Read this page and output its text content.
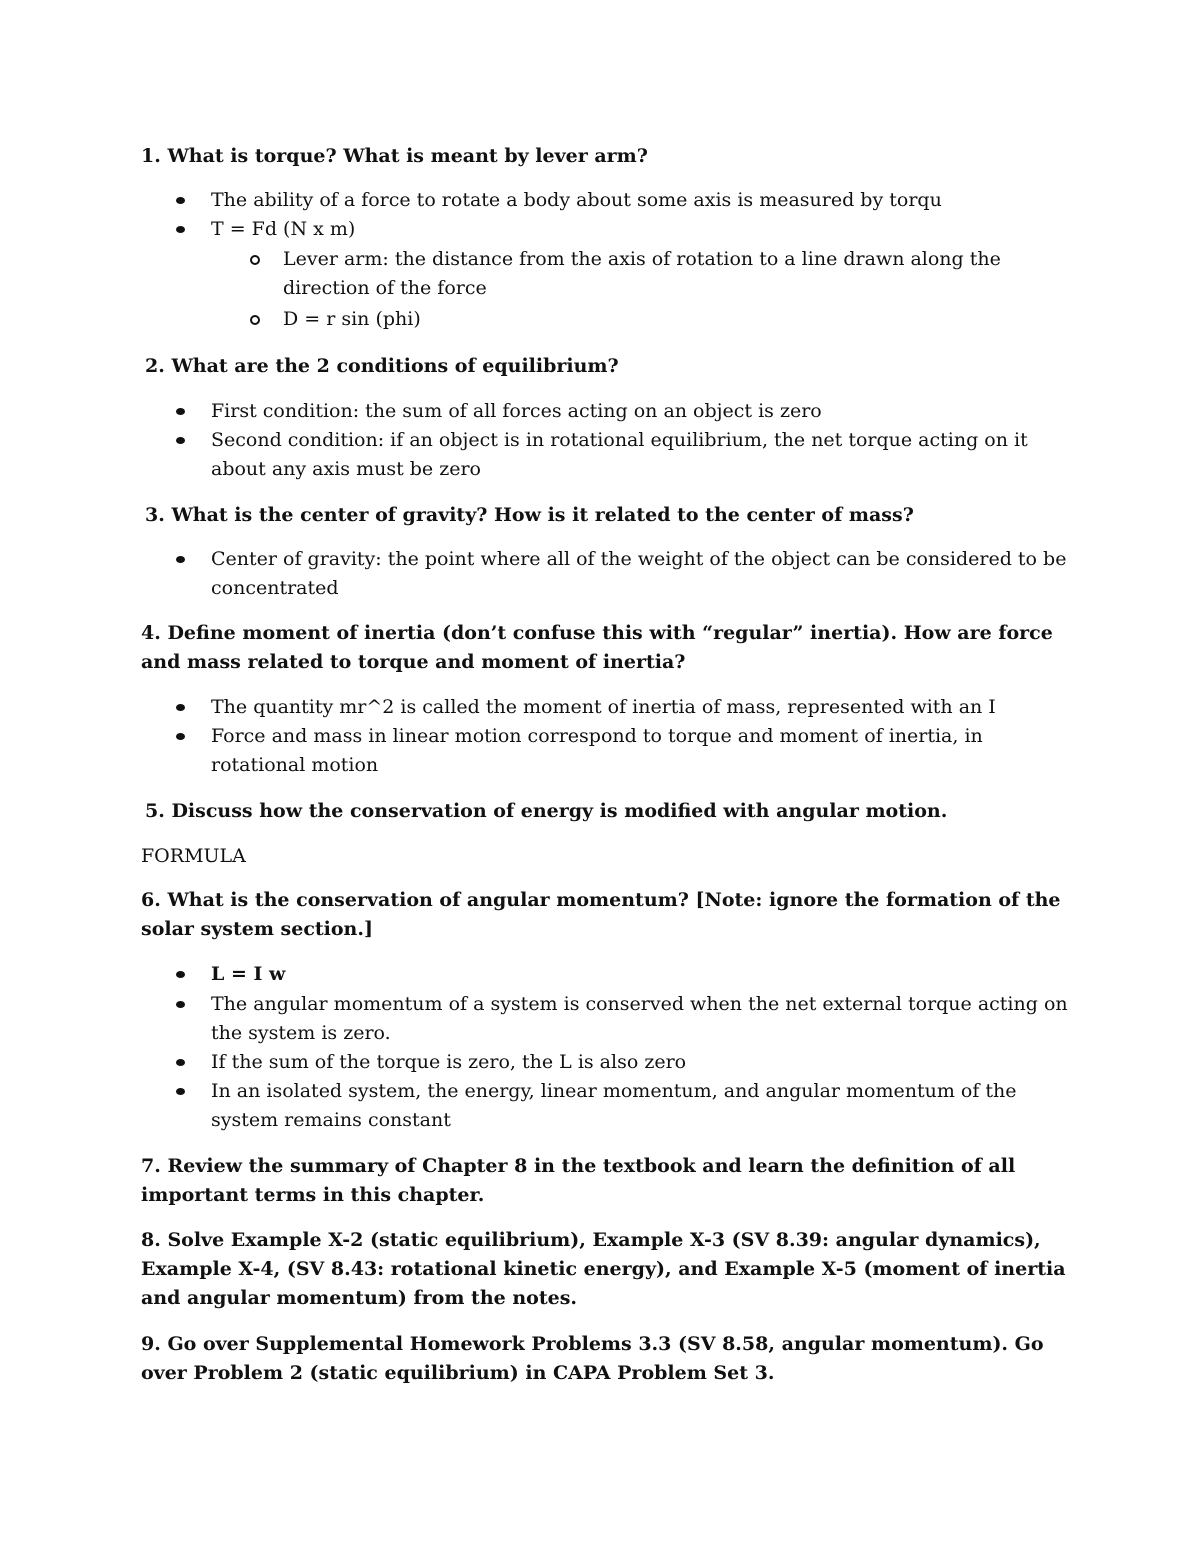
1. What is torque? What is meant by lever arm?

The ability of a force to rotate a body about some axis is measured by torqu
T = Fd (N x m)
Lever arm: the distance from the axis of rotation to a line drawn along the direction of the force
D = r sin (phi)

2. What are the 2 conditions of equilibrium?

First condition: the sum of all forces acting on an object is zero
Second condition: if an object is in rotational equilibrium, the net torque acting on it about any axis must be zero

3. What is the center of gravity? How is it related to the center of mass?

Center of gravity: the point where all of the weight of the object can be considered to be concentrated

4. Define moment of inertia (don’t confuse this with “regular” inertia). How are force and mass related to torque and moment of inertia?

The quantity mr^2 is called the moment of inertia of mass, represented with an I
Force and mass in linear motion correspond to torque and moment of inertia, in rotational motion

5. Discuss how the conservation of energy is modified with angular motion.

FORMULA

6. What is the conservation of angular momentum? [Note: ignore the formation of the solar system section.]

L = I w
The angular momentum of a system is conserved when the net external torque acting on the system is zero.
If the sum of the torque is zero, the L is also zero
In an isolated system, the energy, linear momentum, and angular momentum of the system remains constant

7. Review the summary of Chapter 8 in the textbook and learn the definition of all important terms in this chapter.

8. Solve Example X-2 (static equilibrium), Example X-3 (SV 8.39: angular dynamics), Example X-4, (SV 8.43: rotational kinetic energy), and Example X-5 (moment of inertia and angular momentum) from the notes.

9. Go over Supplemental Homework Problems 3.3 (SV 8.58, angular momentum). Go over Problem 2 (static equilibrium) in CAPA Problem Set 3.
